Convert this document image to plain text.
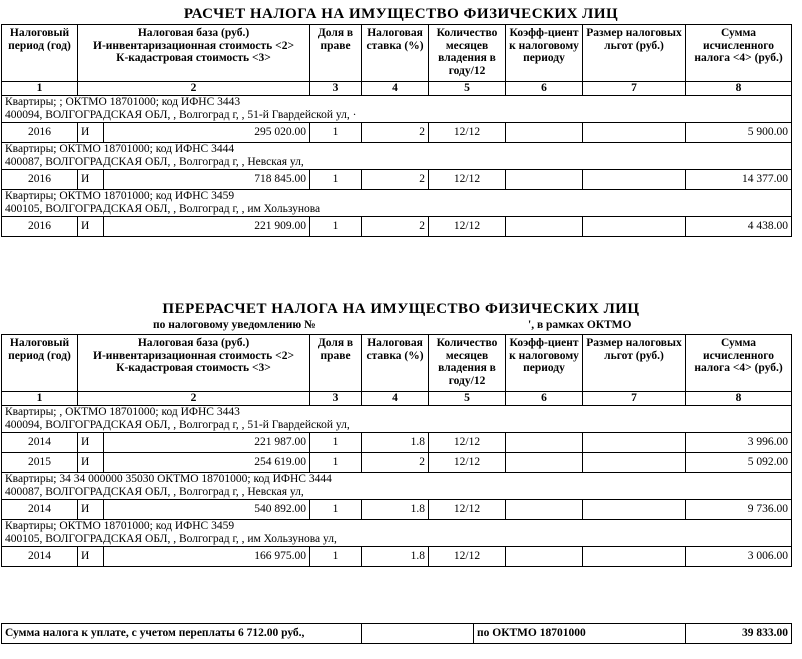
РАСЧЕТ НАЛОГА НА ИМУЩЕСТВО ФИЗИЧЕСКИХ ЛИЦ
Налоговый период (год)	Налоговая база (руб.)
И-инвентаризационная стоимость <2>
К-кадастровая стоимость <3>		Доля в праве	Налоговая ставка (%)	Количество месяцев владения в году/12	Коэфф-циент к налоговому периоду	Размер налоговых льгот (руб.)	Сумма исчисленного налога <4> (руб.)
1	2		3	4	5	6	7	8

Квартиры; ; ОКТМО 18701000; код ИФНС 3443
400094, ВОЛГОГРАДСКАЯ ОБЛ, , Волгоград г, , 51-й Гвардейской ул, ·								

2016	И	295 020.00	1	2	12/12			5 900.00

Квартиры; ОКТМО 18701000; код ИФНС 3444
400087, ВОЛГОГРАДСКАЯ ОБЛ, , Волгоград г, , Невская ул,								

2016	И	718 845.00	1	2	12/12			14 377.00

Квартиры; ОКТМО 18701000; код ИФНС 3459
400105, ВОЛГОГРАДСКАЯ ОБЛ, , Волгоград г, , им Хользунова								

2016	И	221 909.00	1	2	12/12			4 438.00
ПЕРЕРАСЧЕТ НАЛОГА НА ИМУЩЕСТВО ФИЗИЧЕСКИХ ЛИЦ
по налоговому уведомлению №	', в рамках ОКТМО
Налоговый период (год)	Налоговая база (руб.)
И-инвентаризационная стоимость <2>
К-кадастровая стоимость <3>		Доля в праве	Налоговая ставка (%)	Количество месяцев владения в году/12	Коэфф-циент к налоговому периоду	Размер налоговых льгот (руб.)	Сумма исчисленного налога <4> (руб.)
1	2		3	4	5	6	7	8

Квартиры; , ОКТМО 18701000; код ИФНС 3443
400094, ВОЛГОГРАДСКАЯ ОБЛ, , Волгоград г, , 51-й Гвардейской ул,								

2014	И	221 987.00	1	1.8	12/12			3 996.00
2015	И	254 619.00	1	2	12/12			5 092.00

Квартиры; 34 34 000000 35030 ОКТМО 18701000; код ИФНС 3444
400087, ВОЛГОГРАДСКАЯ ОБЛ, , Волгоград г, , Невская ул,								

2014	И	540 892.00	1	1.8	12/12			9 736.00

Квартиры; ОКТМО 18701000; код ИФНС 3459
400105, ВОЛГОГРАДСКАЯ ОБЛ, , Волгоград г, , им Хользунова ул,								

2014	И	166 975.00	1	1.8	12/12			3 006.00
Сумма налога к уплате, с учетом переплаты 6 712.00 руб.,		по ОКТМО 18701000	39 833.00
